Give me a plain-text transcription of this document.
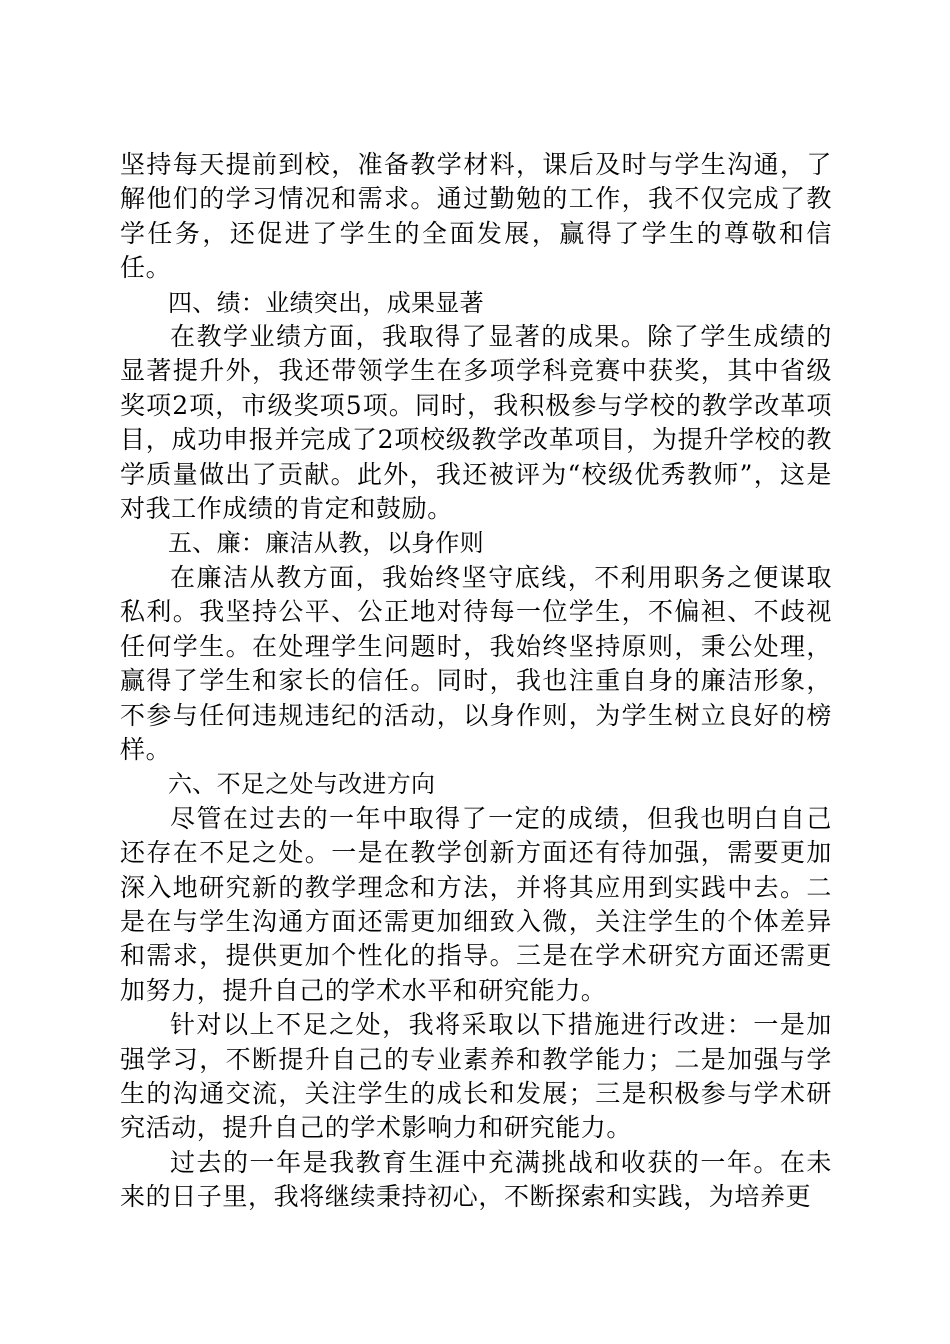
坚持每天提前到校，准备教学材料，课后及时与学生沟通，了解他们的学习情况和需求。通过勤勉的工作，我不仅完成了教学任务，还促进了学生的全面发展，赢得了学生的尊敬和信任。

四、绩：业绩突出，成果显著

在教学业绩方面，我取得了显著的成果。除了学生成绩的显著提升外，我还带领学生在多项学科竞赛中获奖，其中省级奖项2项，市级奖项5项。同时，我积极参与学校的教学改革项目，成功申报并完成了2项校级教学改革项目，为提升学校的教学质量做出了贡献。此外，我还被评为“校级优秀教师”，这是对我工作成绩的肯定和鼓励。

五、廉：廉洁从教，以身作则

在廉洁从教方面，我始终坚守底线，不利用职务之便谋取私利。我坚持公平、公正地对待每一位学生，不偏袒、不歧视任何学生。在处理学生问题时，我始终坚持原则，秉公处理，赢得了学生和家长的信任。同时，我也注重自身的廉洁形象，不参与任何违规违纪的活动，以身作则，为学生树立良好的榜样。

六、不足之处与改进方向

尽管在过去的一年中取得了一定的成绩，但我也明白自己还存在不足之处。一是在教学创新方面还有待加强，需要更加深入地研究新的教学理念和方法，并将其应用到实践中去。二是在与学生沟通方面还需更加细致入微，关注学生的个体差异和需求，提供更加个性化的指导。三是在学术研究方面还需更加努力，提升自己的学术水平和研究能力。

针对以上不足之处，我将采取以下措施进行改进：一是加强学习，不断提升自己的专业素养和教学能力；二是加强与学生的沟通交流，关注学生的成长和发展；三是积极参与学术研究活动，提升自己的学术影响力和研究能力。

过去的一年是我教育生涯中充满挑战和收获的一年。在未来的日子里，我将继续秉持初心，不断探索和实践，为培养更
